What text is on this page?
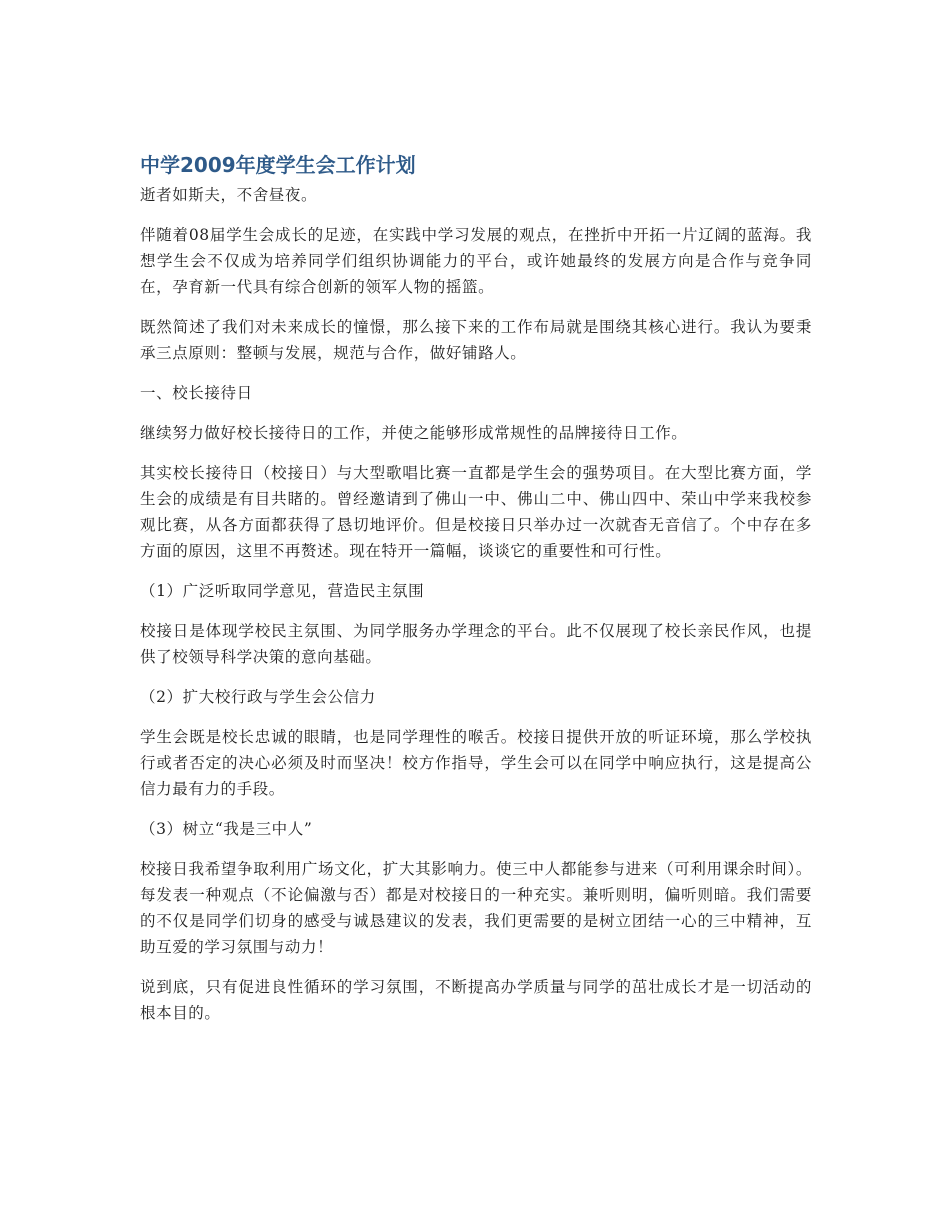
中学2009年度学生会工作计划

逝者如斯夫，不舍昼夜。

伴随着08届学生会成长的足迹，在实践中学习发展的观点，在挫折中开拓一片辽阔的蓝海。我想学生会不仅成为培养同学们组织协调能力的平台，或许她最终的发展方向是合作与竞争同在，孕育新一代具有综合创新的领军人物的摇篮。

既然简述了我们对未来成长的憧憬，那么接下来的工作布局就是围绕其核心进行。我认为要秉承三点原则：整顿与发展，规范与合作，做好铺路人。

一、校长接待日

继续努力做好校长接待日的工作，并使之能够形成常规性的品牌接待日工作。

其实校长接待日（校接日）与大型歌唱比赛一直都是学生会的强势项目。在大型比赛方面，学生会的成绩是有目共睹的。曾经邀请到了佛山一中、佛山二中、佛山四中、荣山中学来我校参观比赛，从各方面都获得了恳切地评价。但是校接日只举办过一次就杳无音信了。个中存在多方面的原因，这里不再赘述。现在特开一篇幅，谈谈它的重要性和可行性。

（1）广泛听取同学意见，营造民主氛围

校接日是体现学校民主氛围、为同学服务办学理念的平台。此不仅展现了校长亲民作风，也提供了校领导科学决策的意向基础。

（2）扩大校行政与学生会公信力

学生会既是校长忠诚的眼睛，也是同学理性的喉舌。校接日提供开放的听证环境，那么学校执行或者否定的决心必须及时而坚决！校方作指导，学生会可以在同学中响应执行，这是提高公信力最有力的手段。

（3）树立“我是三中人”

校接日我希望争取利用广场文化，扩大其影响力。使三中人都能参与进来（可利用课余时间）。每发表一种观点（不论偏激与否）都是对校接日的一种充实。兼听则明，偏听则暗。我们需要的不仅是同学们切身的感受与诚恳建议的发表，我们更需要的是树立团结一心的三中精神，互助互爱的学习氛围与动力！

说到底，只有促进良性循环的学习氛围，不断提高办学质量与同学的茁壮成长才是一切活动的根本目的。
